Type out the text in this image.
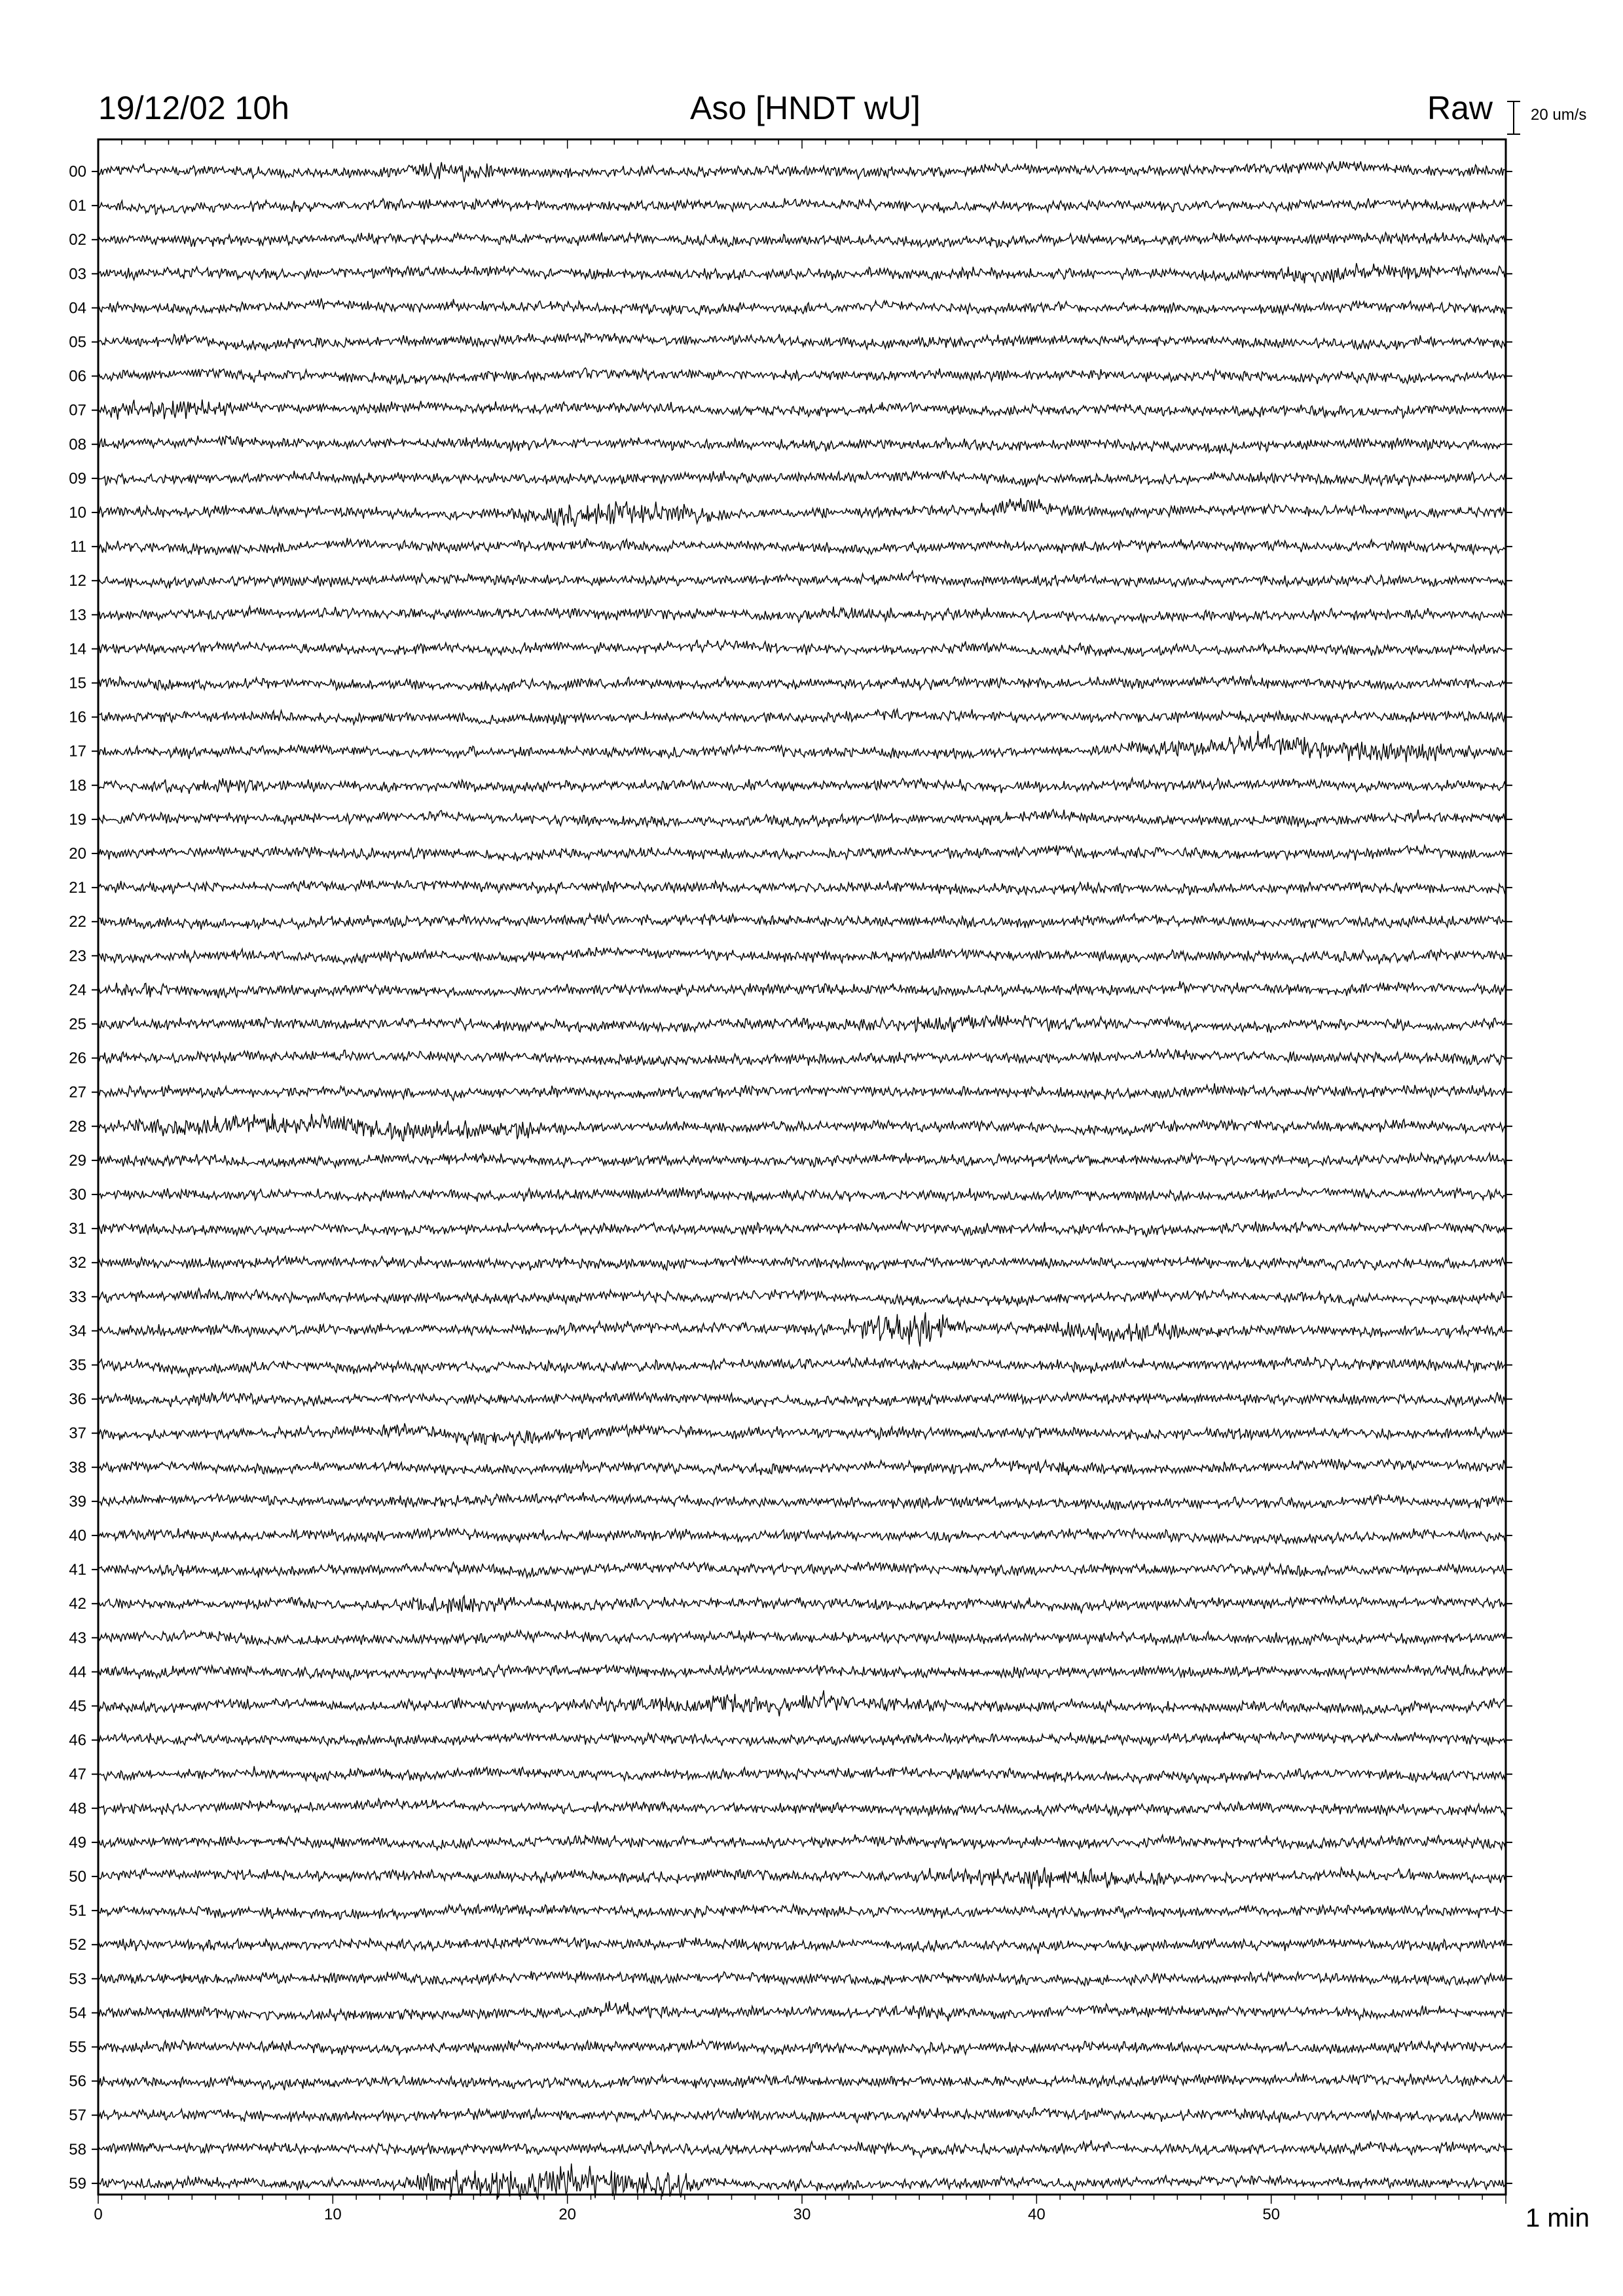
19/12/02 10h	Aso [HNDT wU]	Raw 20 um/s
1 min
00
01
02
03
04
05
06
07
08
09
10
11
12
13
14
15
16
17
18
19
20
21
22
23
24
25
26
27
28
29
30
31
32
33
34
35
36
37
38
39
40
41
42
43
44
45
46
47
48
49
50
51
52
53
54
55
56
57
58
59
0	10	20	30	40	50
